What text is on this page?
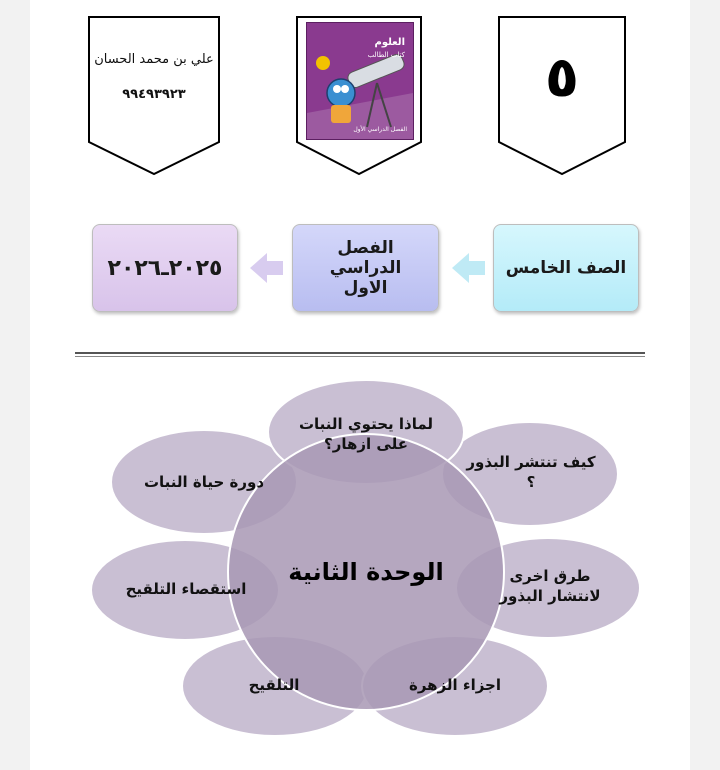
علي بن محمد الحسان
٩٩٤٩٣٩٢٣
العلوم
كتاب الطالب
الفصل الدراسي الأول
٥
الصف الخامس
الفصل الدراسي الاول
٢٠٢٥ـ٢٠٢٦
الوحدة الثانية
لماذا يحتوي النبات على ازهار؟
كيف تنتشر البذور ؟
طرق اخرى لانتشار البذور
اجزاء الزهرة
التلقيح
استقصاء التلقيح
دورة حياة النبات
